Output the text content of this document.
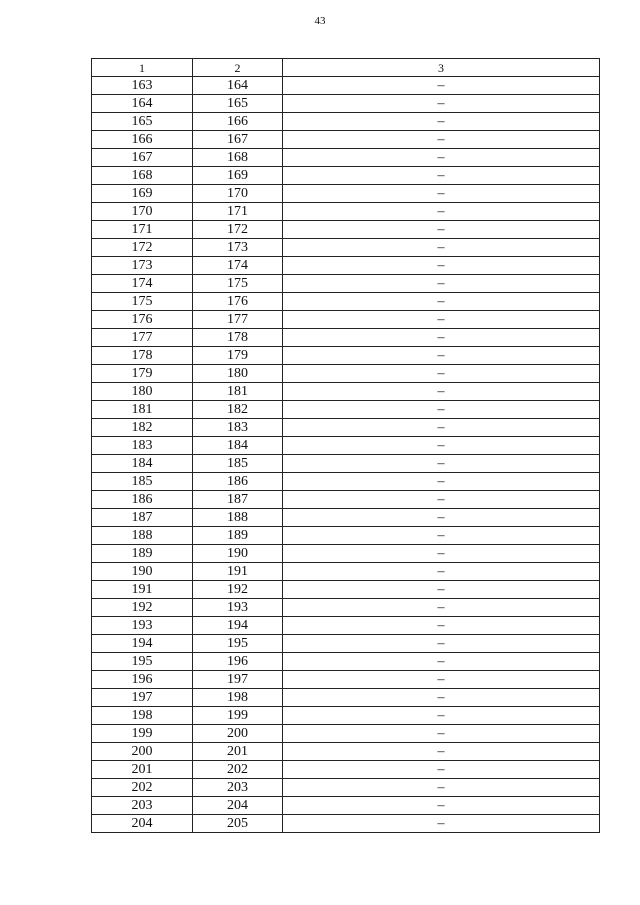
43
1	2	3
163	164	–
164	165	–
165	166	–
166	167	–
167	168	–
168	169	–
169	170	–
170	171	–
171	172	–
172	173	–
173	174	–
174	175	–
175	176	–
176	177	–
177	178	–
178	179	–
179	180	–
180	181	–
181	182	–
182	183	–
183	184	–
184	185	–
185	186	–
186	187	–
187	188	–
188	189	–
189	190	–
190	191	–
191	192	–
192	193	–
193	194	–
194	195	–
195	196	–
196	197	–
197	198	–
198	199	–
199	200	–
200	201	–
201	202	–
202	203	–
203	204	–
204	205	–
